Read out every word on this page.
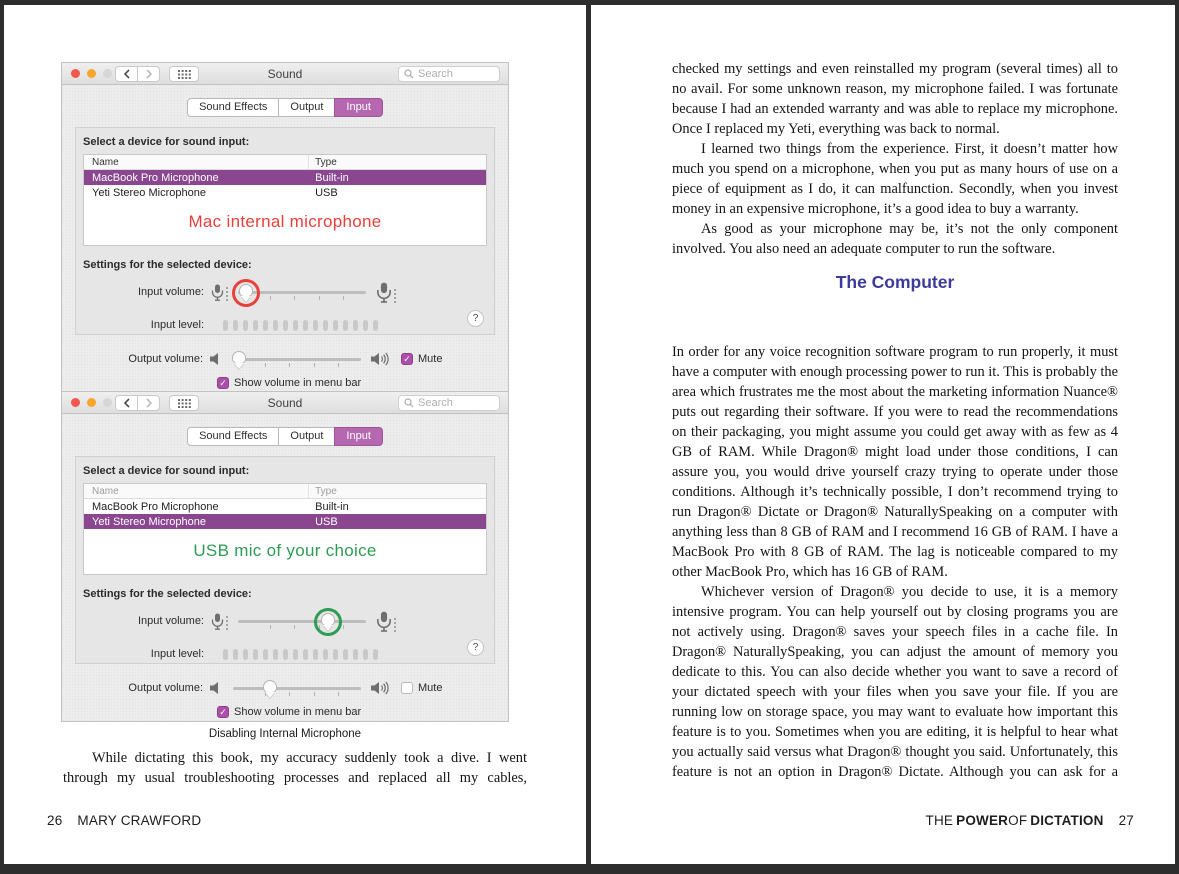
Sound	Search
Sound Effects	Output	Input
Select a device for sound input:
Name	Type
MacBook Pro Microphone	Built-in
Yeti Stereo Microphone	USB
Mac internal microphone
Settings for the selected device:
Input volume:
Input level:
?
Output volume: ✓	Mute
✓
Show volume in menu bar
Sound	Search
Sound Effects	Output	Input
Select a device for sound input:
Name	Type
MacBook Pro Microphone	Built-in
Yeti Stereo Microphone	USB
USB mic of your choice
Settings for the selected device:
Input volume:
Input level:
?
Output volume:	Mute
✓
Show volume in menu bar
Disabling Internal Microphone

While dictating this book, my accuracy suddenly took a dive. I went through my usual troubleshooting processes and replaced all my cables,

26 MARY CRAWFORD

checked my settings and even reinstalled my program (several times) all to no avail. For some unknown reason, my microphone failed. I was fortunate because I had an extended warranty and was able to replace my microphone. Once I replaced my Yeti, everything was back to normal.

I learned two things from the experience. First, it doesn’t matter how much you spend on a microphone, when you put as many hours of use on a piece of equipment as I do, it can malfunction. Secondly, when you invest money in an expensive microphone, it’s a good idea to buy a warranty.

As good as your microphone may be, it’s not the only component involved. You also need an adequate computer to run the software.

The Computer

In order for any voice recognition software program to run properly, it must have a computer with enough processing power to run it. This is probably the area which frustrates me the most about the marketing information Nuance® puts out regarding their software. If you were to read the recommendations on their packaging, you might assume you could get away with as few as 4 GB of RAM. While Dragon® might load under those conditions, I can assure you, you would drive yourself crazy trying to operate under those conditions. Although it’s technically possible, I don’t recommend trying to run Dragon® Dictate or Dragon® NaturallySpeaking on a computer with anything less than 8 GB of RAM and I recommend 16 GB of RAM. I have a MacBook Pro with 8 GB of RAM. The lag is noticeable compared to my other MacBook Pro, which has 16 GB of RAM.

Whichever version of Dragon® you decide to use, it is a memory intensive program. You can help yourself out by closing programs you are not actively using. Dragon® saves your speech files in a cache file. In Dragon® NaturallySpeaking, you can adjust the amount of memory you dedicate to this. You can also decide whether you want to save a record of your dictated speech with your files when you save your file. If you are running low on storage space, you may want to evaluate how important this feature is to you. Sometimes when you are editing, it is helpful to hear what you actually said versus what Dragon® thought you said. Unfortunately, this feature is not an option in Dragon® Dictate. Although you can ask for a

THE POWEROF DICTATION 27
